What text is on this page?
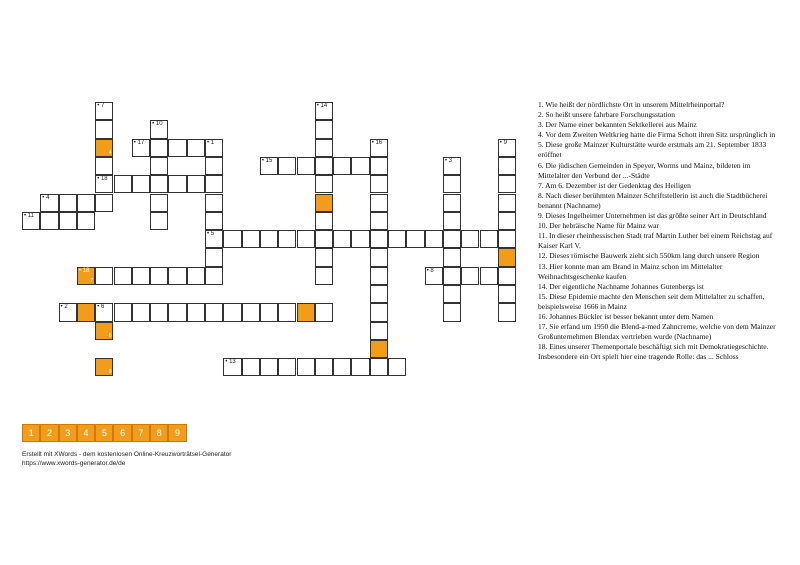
• 7
4
• 14
• 10
• 17	• 1
• 5
• 16	• 9
• 15	• 3
• 18
• 4
• 11
• 18
7
• 8
• 2	• 6
• 13
6
9
1	2	3	4	5	6	7	8	9
Erstellt mit XWords - dem kostenlosen Online-Kreuzworträtsel-Generator
https://www.xwords-generator.de/de

1. Wie heißt der nördlichste Ort in unserem Mittelrheinportal?

2. So heißt unsere fahrbare Forschungsstation

3. Der Name einer bekannten Sektkellerei aus Mainz

4. Vor dem Zweiten Weltkrieg hatte die Firma Schott ihren Sitz ursprünglich in

5. Diese große Mainzer Kulturstätte wurde erstmals am 21. September 1833 eröffnet

6. Die jüdischen Gemeinden in Speyer, Worms und Mainz, bildeten im Mittelalter den Verbund der ...-Städte

7. Am 6. Dezember ist der Gedenktag des Heiligen

8. Nach dieser berühmten Mainzer Schriftstellerin ist auch die Stadtbücherei benannt (Nachname)

9. Dieses Ingelheimer Unternehmen ist das größte seiner Art in Deutschland

10. Der hebräische Name für Mainz war

11. In dieser rheinhessischen Stadt traf Martin Luther bei einem Reichstag auf Kaiser Karl V.

12. Dieses römische Bauwerk zieht sich 550km lang durch unsere Region

13. Hier konnte man am Brand in Mainz schon im Mittelalter Weihnachtsgeschenke kaufen

14. Der eigentliche Nachname Johannes Gutenbergs ist

15. Diese Epidemie machte den Menschen seit dem Mittelalter zu schaffen, beispielsweise 1666 in Mainz

16. Johannes Bückler ist besser bekannt unter dem Namen

17. Sie erfand um 1950 die Blend-a-med Zahncreme, welche von dem Mainzer Großunternehmen Blendax vertrieben wurde (Nachname)

18. Eines unserer Themenportale beschäftigt sich mit Demokratiegeschichte. Insbesondere ein Ort spielt hier eine tragende Rolle: das ... Schloss
